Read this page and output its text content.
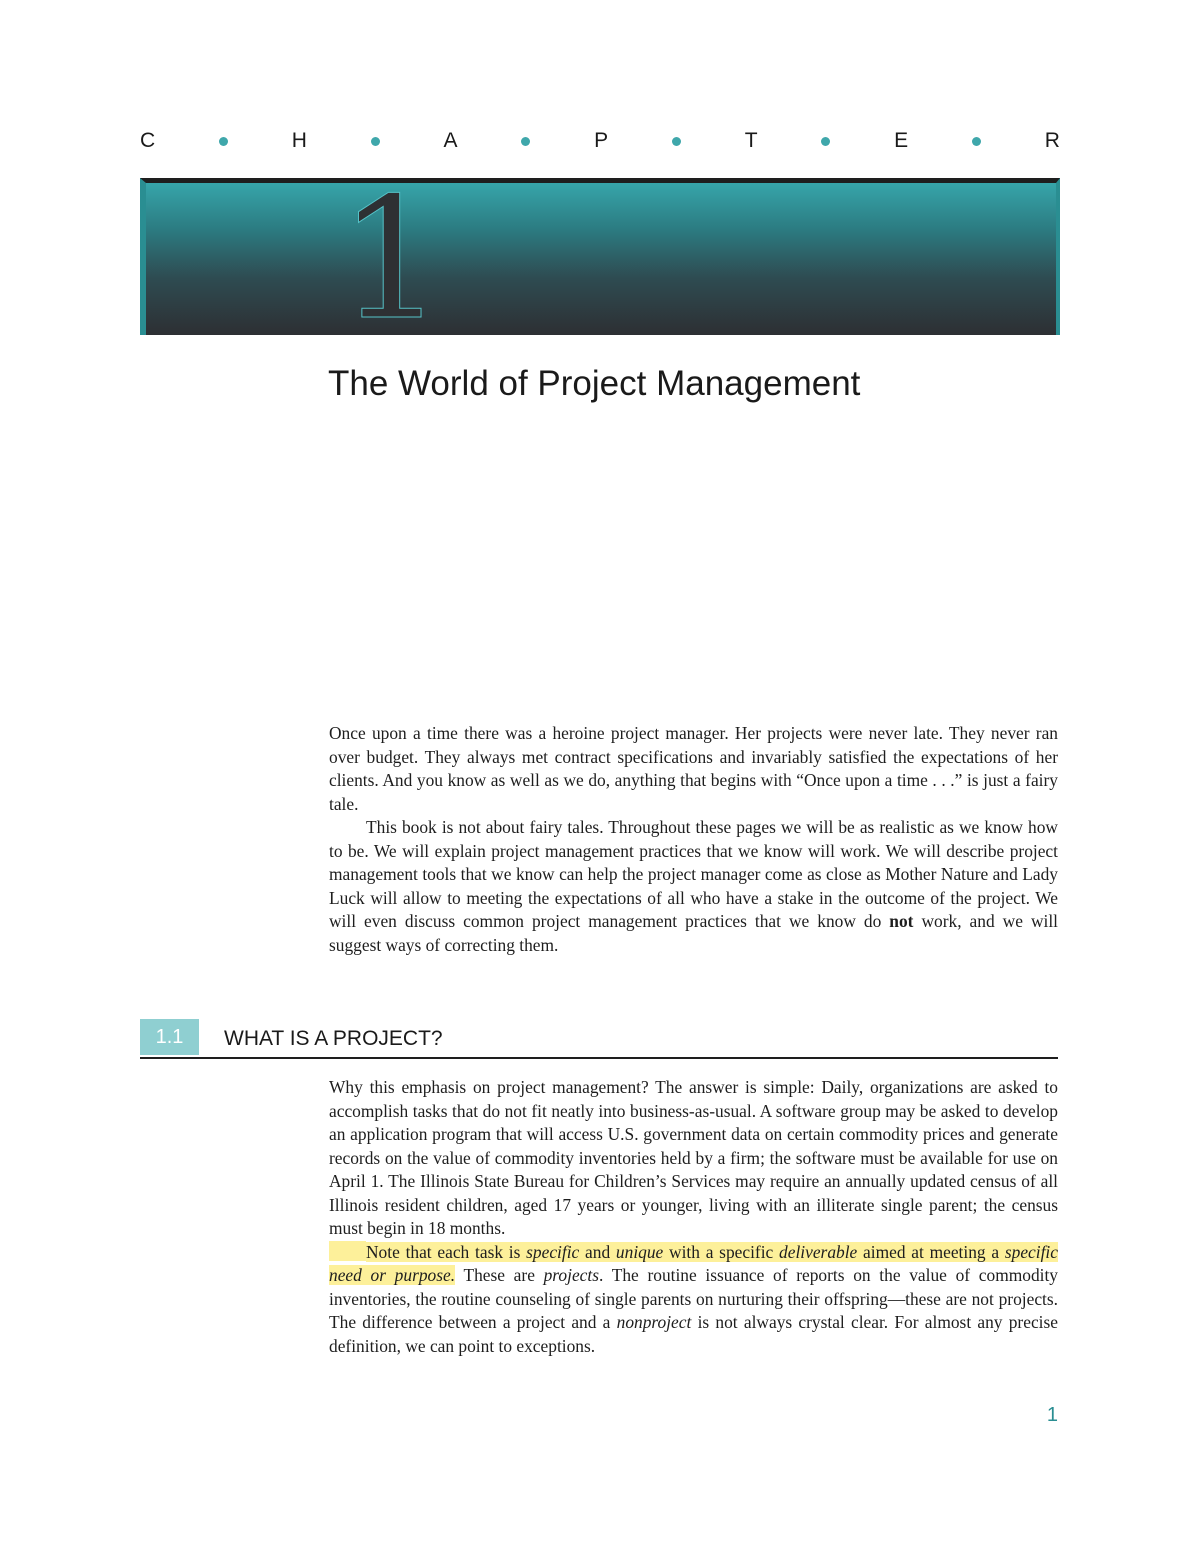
C	H	A	P	T	E	R
1
The World of Project Management

Once upon a time there was a heroine project manager. Her projects were never late. They never ran over budget. They always met contract specifications and invariably satisfied the expectations of her clients. And you know as well as we do, anything that begins with “Once upon a time . . .” is just a fairy tale.

This book is not about fairy tales. Throughout these pages we will be as realistic as we know how to be. We will explain project management practices that we know will work. We will describe project management tools that we know can help the project manager come as close as Mother Nature and Lady Luck will allow to meeting the expectations of all who have a stake in the outcome of the project. We will even discuss common project management practices that we know do not work, and we will suggest ways of correcting them.

1.1	WHAT IS A PROJECT?

Why this emphasis on project management? The answer is simple: Daily, organizations are asked to accomplish tasks that do not fit neatly into business-as-usual. A software group may be asked to develop an application program that will access U.S. government data on certain commodity prices and generate records on the value of commodity inventories held by a firm; the software must be available for use on April 1. The Illinois State Bureau for Children’s Services may require an annually updated census of all Illinois resident children, aged 17 years or younger, living with an illiterate single parent; the census must begin in 18 months.

Note that each task is specific and unique with a specific deliverable aimed at meeting a specific need or purpose. These are projects. The routine issuance of reports on the value of commodity inventories, the routine counseling of single parents on nurturing their offspring—these are not projects. The difference between a project and a nonproject is not always crystal clear. For almost any precise definition, we can point to exceptions.

1
